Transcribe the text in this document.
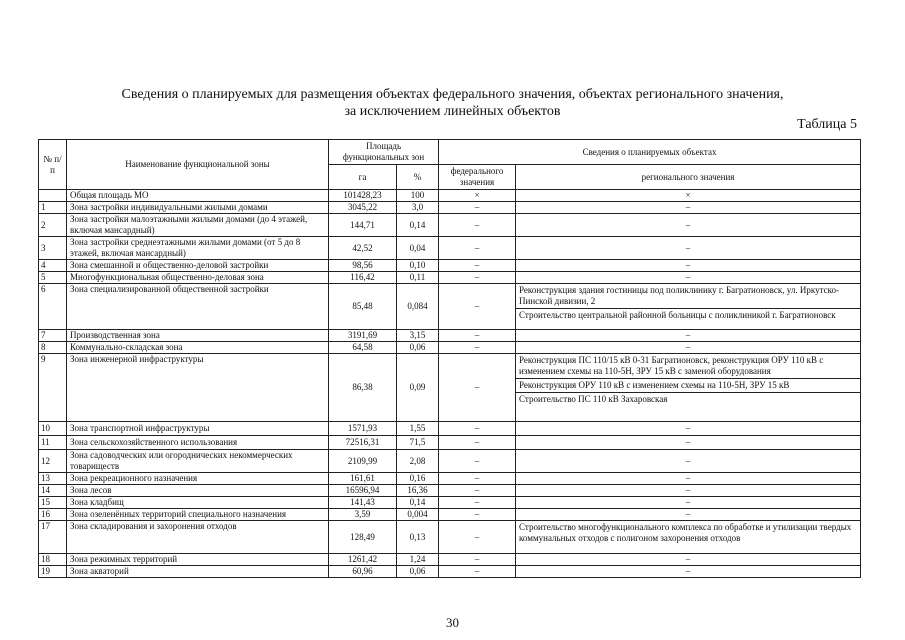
Сведения о планируемых для размещения объектах федерального значения, объектах регионального значения,
за исключением линейных объектов
Таблица 5
№ п/п	Наименование функциональной зоны	Площадь функциональных зон		Сведения о планируемых объектах	
		га	%	федерального значения	регионального значения
	Общая площадь МО	101428,23	100	×	×
1	Зона застройки индивидуальными жилыми домами	3045,22	3,0	–	–
2	Зона застройки малоэтажными жилыми домами (до 4 этажей, включая мансардный)	144,71	0,14	–	–
3	Зона застройки среднеэтажными жилыми домами (от 5 до 8 этажей, включая мансардный)	42,52	0,04	–	–
4	Зона смешанной и общественно-деловой застройки	98,56	0,10	–	–
5	Многофункциональная общественно-деловая зона	116,42	0,11	–	–
6	Зона специализированной общественной застройки	85,48	0,084	–	Реконструкция здания гостиницы под поликлинику г. Багратионовск, ул. Иркутско-Пинской дивизии, 2
Строительство центральной районной больницы с поликлиникой г. Багратионовск

7	Производственная зона	3191,69	3,15	–	–
8	Коммунально-складская зона	64,58	0,06	–	–
9	Зона инженерной инфраструктуры	86,38	0,09	–	Реконструкция ПС 110/15 кВ 0-31 Багратионовск, реконструкция ОРУ 110 кВ с изменением схемы на 110-5Н, ЗРУ 15 кВ с заменой оборудования
Реконструкция ОРУ 110 кВ с изменением схемы на 110-5Н, ЗРУ 15 кВ
Строительство ПС 110 кВ Захаровская

10	Зона транспортной инфраструктуры	1571,93	1,55	–	–
11	Зона сельскохозяйственного использования	72516,31	71,5	–	–
12	Зона садоводческих или огороднических некоммерческих товариществ	2109,99	2,08	–	–
13	Зона рекреационного назначения	161,61	0,16	–	–
14	Зона лесов	16596,94	16,36	–	–
15	Зона кладбищ	141,43	0,14	–	–
16	Зона озеленённых территорий специального назначения	3,59	0,004	–	–
17	Зона складирования и захоронения отходов	128,49	0,13	–	Строительство многофункционального комплекса по обработке и утилизации твердых коммунальных отходов с полигоном захоронения отходов

18	Зона режимных территорий	1261,42	1,24	–	–
19	Зона акваторий	60,96	0,06	–	–
30
